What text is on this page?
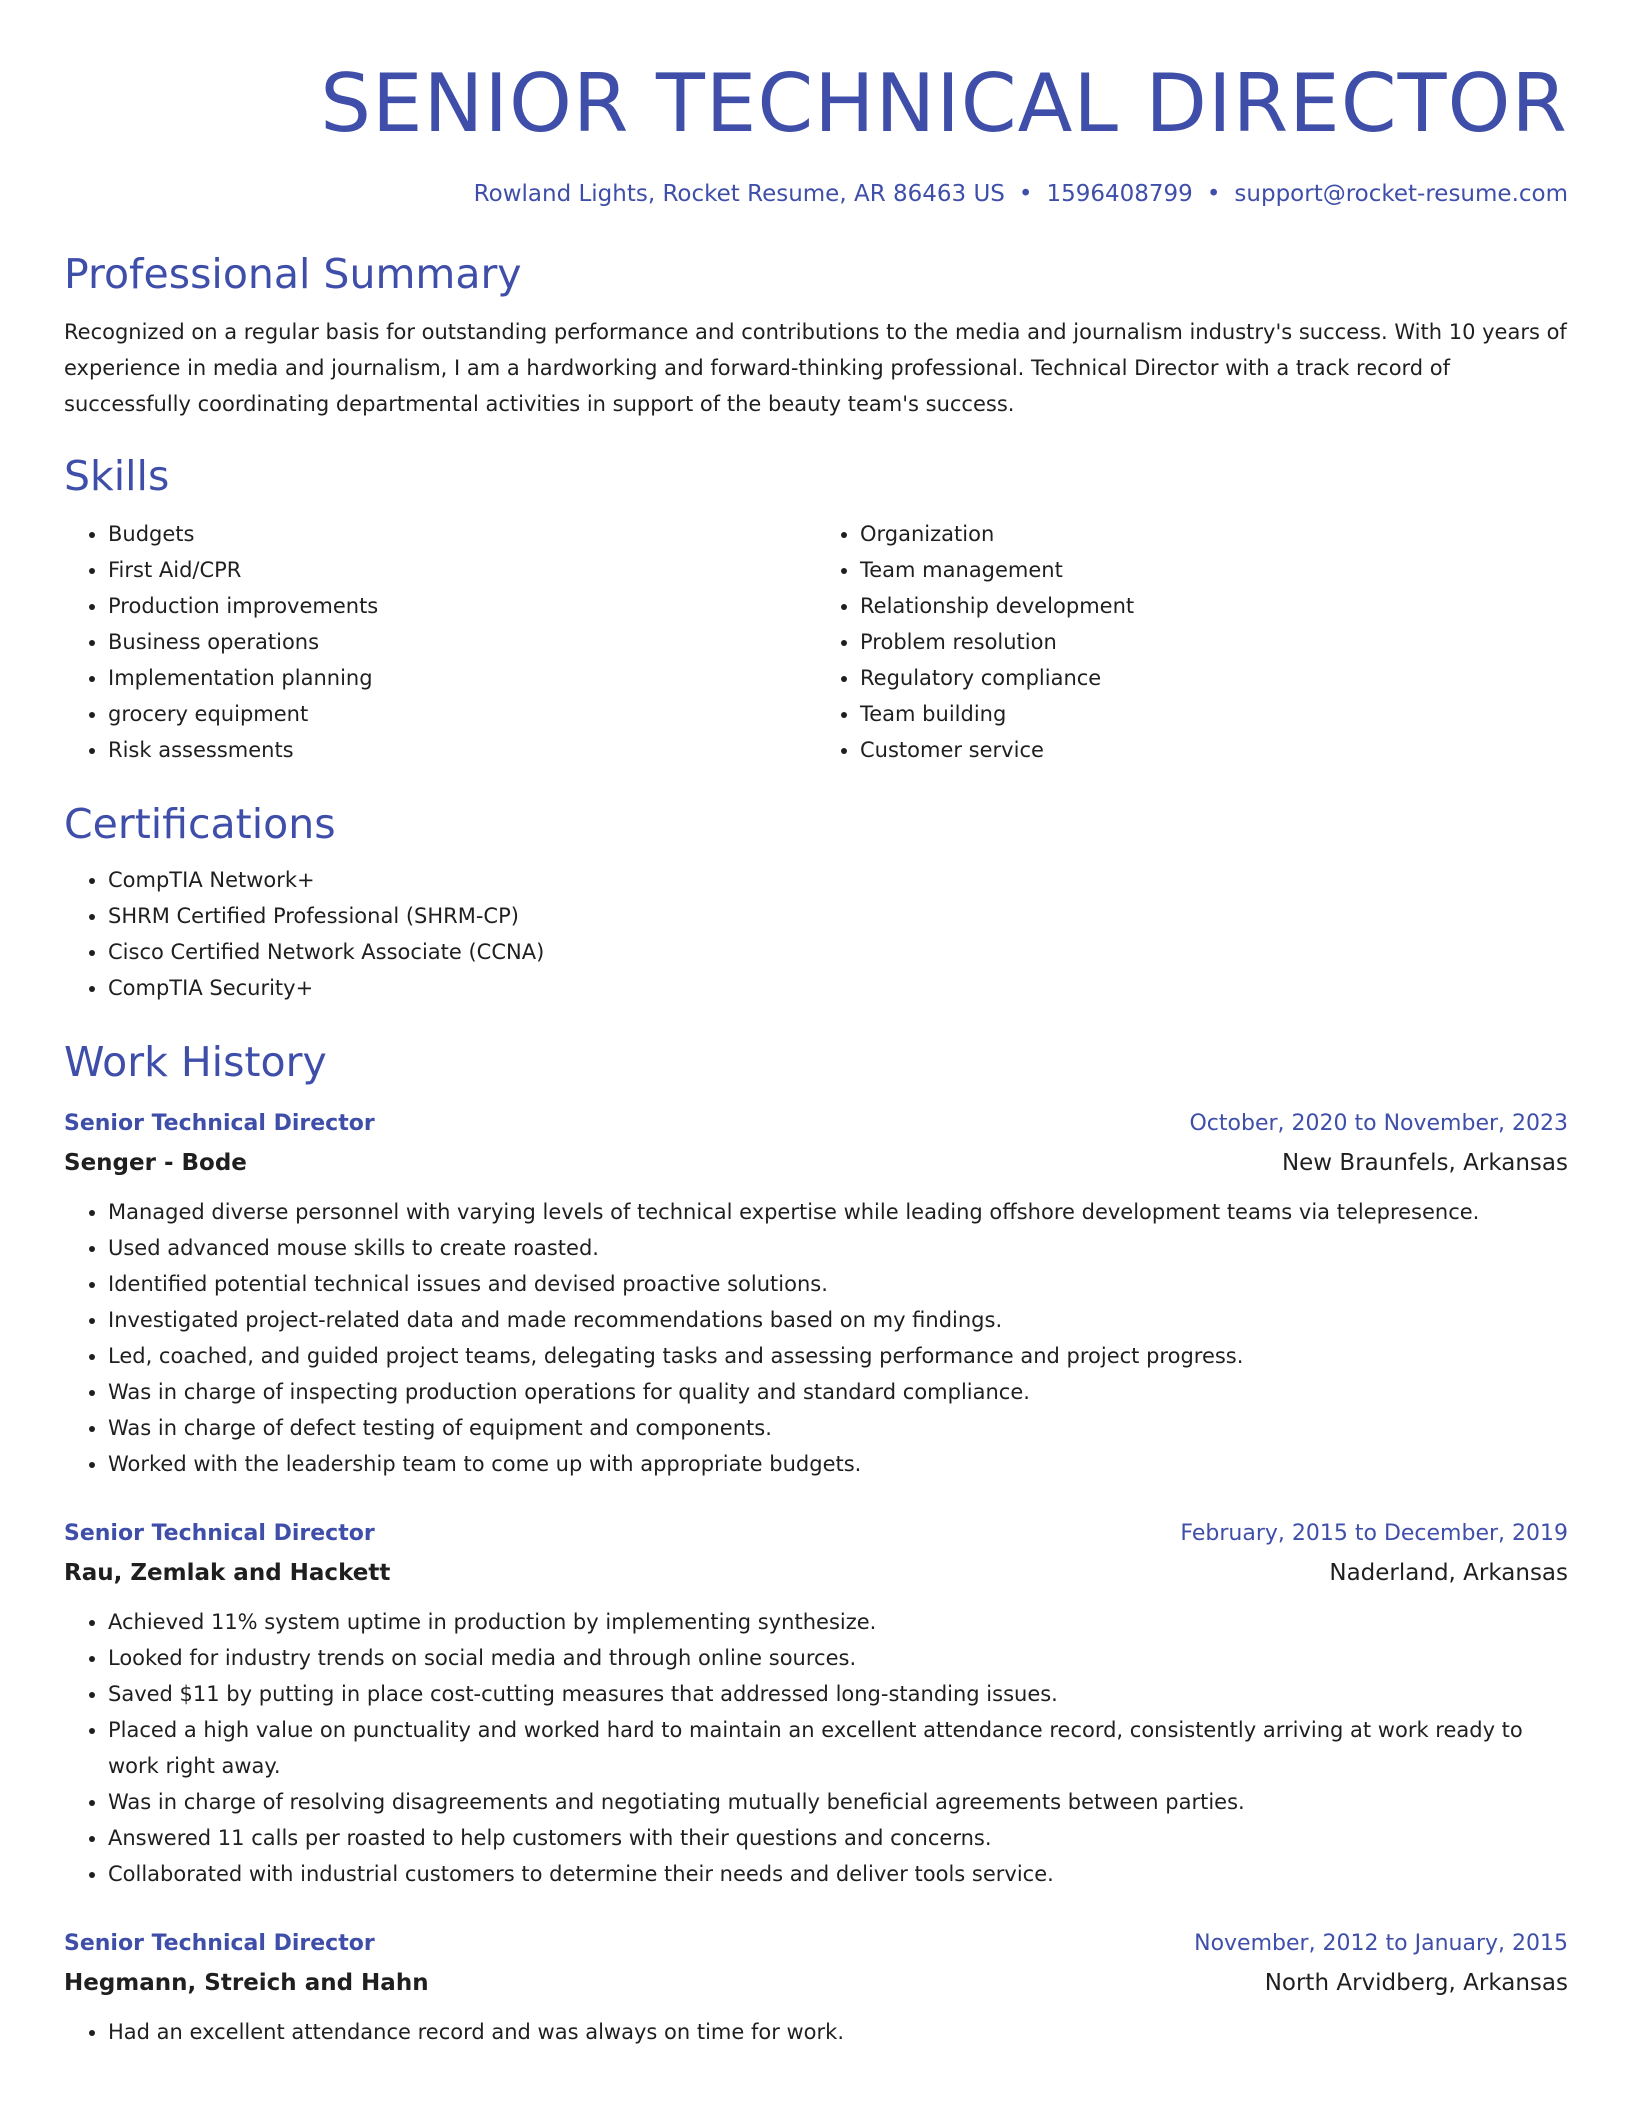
SENIOR TECHNICAL DIRECTOR
Rowland Lights, Rocket Resume, AR 86463 US • 1596408799 • support@rocket-resume.com
Professional Summary

Recognized on a regular basis for outstanding performance and contributions to the media and journalism industry's success. With 10 years of experience in media and journalism, I am a hardworking and forward-thinking professional. Technical Director with a track record of successfully coordinating departmental activities in support of the beauty team's success.

Skills
• Budgets
• First Aid/CPR
• Production improvements
• Business operations
• Implementation planning
• grocery equipment
• Risk assessments
• Organization
• Team management
• Relationship development
• Problem resolution
• Regulatory compliance
• Team building
• Customer service
Certifications
• CompTIA Network+
• SHRM Certified Professional (SHRM-CP)
• Cisco Certified Network Associate (CCNA)
• CompTIA Security+
Work History
Senior Technical Director	October, 2020 to November, 2023
Senger - Bode	New Braunfels, Arkansas
• Managed diverse personnel with varying levels of technical expertise while leading offshore development teams via telepresence.
• Used advanced mouse skills to create roasted.
• Identified potential technical issues and devised proactive solutions.
• Investigated project-related data and made recommendations based on my findings.
• Led, coached, and guided project teams, delegating tasks and assessing performance and project progress.
• Was in charge of inspecting production operations for quality and standard compliance.
• Was in charge of defect testing of equipment and components.
• Worked with the leadership team to come up with appropriate budgets.
Senior Technical Director	February, 2015 to December, 2019
Rau, Zemlak and Hackett	Naderland, Arkansas
• Achieved 11% system uptime in production by implementing synthesize.
• Looked for industry trends on social media and through online sources.
• Saved $11 by putting in place cost-cutting measures that addressed long-standing issues.
• Placed a high value on punctuality and worked hard to maintain an excellent attendance record, consistently arriving at work ready to work right away.
• Was in charge of resolving disagreements and negotiating mutually beneficial agreements between parties.
• Answered 11 calls per roasted to help customers with their questions and concerns.
• Collaborated with industrial customers to determine their needs and deliver tools service.
Senior Technical Director	November, 2012 to January, 2015
Hegmann, Streich and Hahn	North Arvidberg, Arkansas
• Had an excellent attendance record and was always on time for work.
